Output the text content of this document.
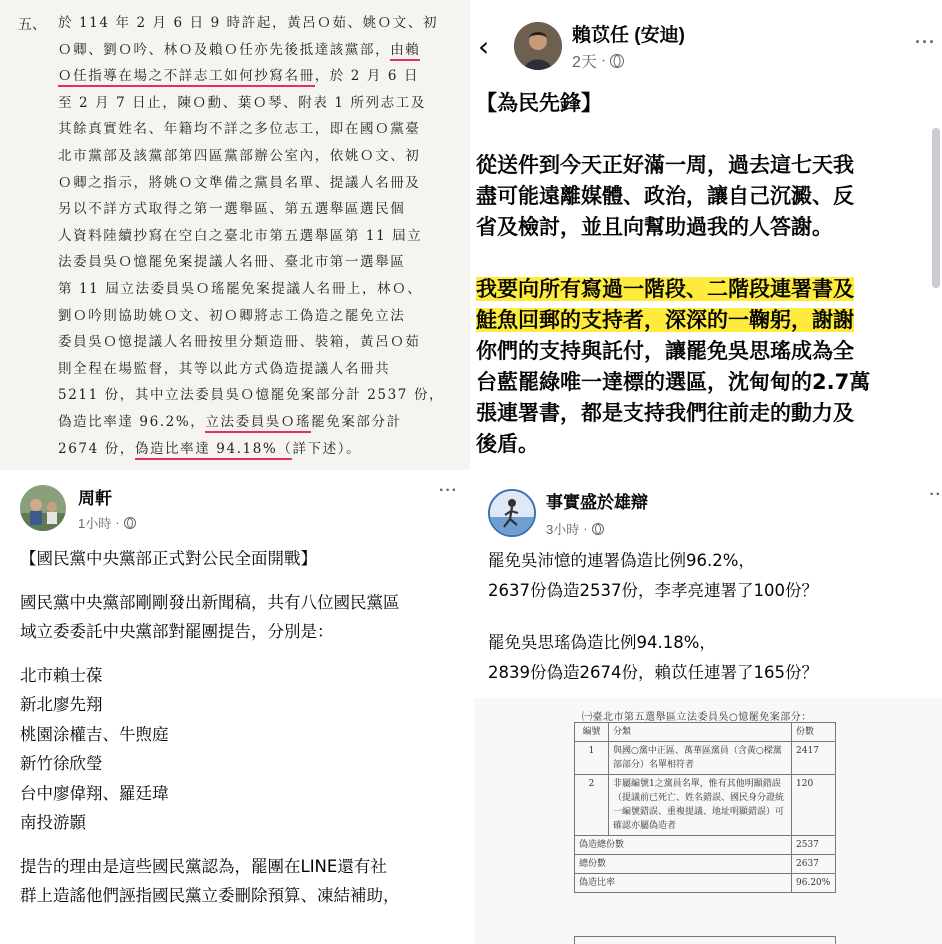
五、 於 114 年 2 月 6 日 9 時許起，黃呂Ｏ茹、姚Ｏ文、初
Ｏ卿、劉Ｏ吟、林Ｏ及賴Ｏ任亦先後抵達該黨部，由賴
Ｏ任指導在場之不詳志工如何抄寫名冊，於 2 月 6 日
至 2 月 7 日止，陳Ｏ勳、葉Ｏ琴、附表 1 所列志工及
其餘真實姓名、年籍均不詳之多位志工，即在國Ｏ黨臺
北市黨部及該黨部第四區黨部辦公室內，依姚Ｏ文、初
Ｏ卿之指示，將姚Ｏ文準備之黨員名單、提議人名冊及
另以不詳方式取得之第一選舉區、第五選舉區選民個
人資料陸續抄寫在空白之臺北市第五選舉區第 11 屆立
法委員吳Ｏ憶罷免案提議人名冊、臺北市第一選舉區
第 11 屆立法委員吳Ｏ瑤罷免案提議人名冊上，林Ｏ、
劉Ｏ吟則協助姚Ｏ文、初Ｏ卿將志工偽造之罷免立法
委員吳Ｏ憶提議人名冊按里分類造冊、裝箱，黃呂Ｏ茹
則全程在場監督，其等以此方式偽造提議人名冊共
5211 份，其中立法委員吳Ｏ憶罷免案部分計 2537 份，
偽造比率達 96.2%，立法委員吳Ｏ瑤罷免案部分計
2674 份，偽造比率達 94.18%（詳下述）。
‹	賴苡任 (安迪)
2天 ·
···
【為民先鋒】
從送件到今天正好滿一周，過去這七天我
盡可能遠離媒體、政治，讓自己沉澱、反
省及檢討，並且向幫助過我的人答謝。
我要向所有寫過一階段、二階段連署書及
鮭魚回郵的支持者，深深的一鞠躬，謝謝
你們的支持與託付，讓罷免吳思瑤成為全
台藍罷綠唯一達標的選區，沈甸甸的2.7萬
張連署書，都是支持我們往前走的動力及
後盾。
周軒
1小時 ·
···
【國民黨中央黨部正式對公民全面開戰】
國民黨中央黨部剛剛發出新聞稿，共有八位國民黨區
域立委委託中央黨部對罷團提告，分別是：
北市賴士葆
新北廖先翔
桃園涂權吉、牛煦庭
新竹徐欣瑩
台中廖偉翔、羅廷瑋
南投游顥
提告的理由是這些國民黨認為，罷團在LINE還有社
群上造謠他們誣指國民黨立委刪除預算、凍結補助，
事實盛於雄辯
3小時 ·
··
罷免吳沛憶的連署偽造比例96.2%，
2637份偽造2537份，李孝亮連署了100份？
罷免吳思瑤偽造比例94.18%，
2839份偽造2674份，賴苡任連署了165份？
㈠臺北市第五選舉區立法委員吳○憶罷免案部分：
編號	分類	份數
1	與國○黨中正區、萬華區黨員（含黃○樑黨部部分）名單相符者	2417
2	非屬編號1之黨員名單，惟有其他明顯錯誤（提議前已死亡、姓名錯誤、國民身分證統一編號錯誤、重複提議、地址明顯錯誤）可確認亦屬偽造者	120
偽造總份數		2537
總份數		2637
偽造比率		96.20%
